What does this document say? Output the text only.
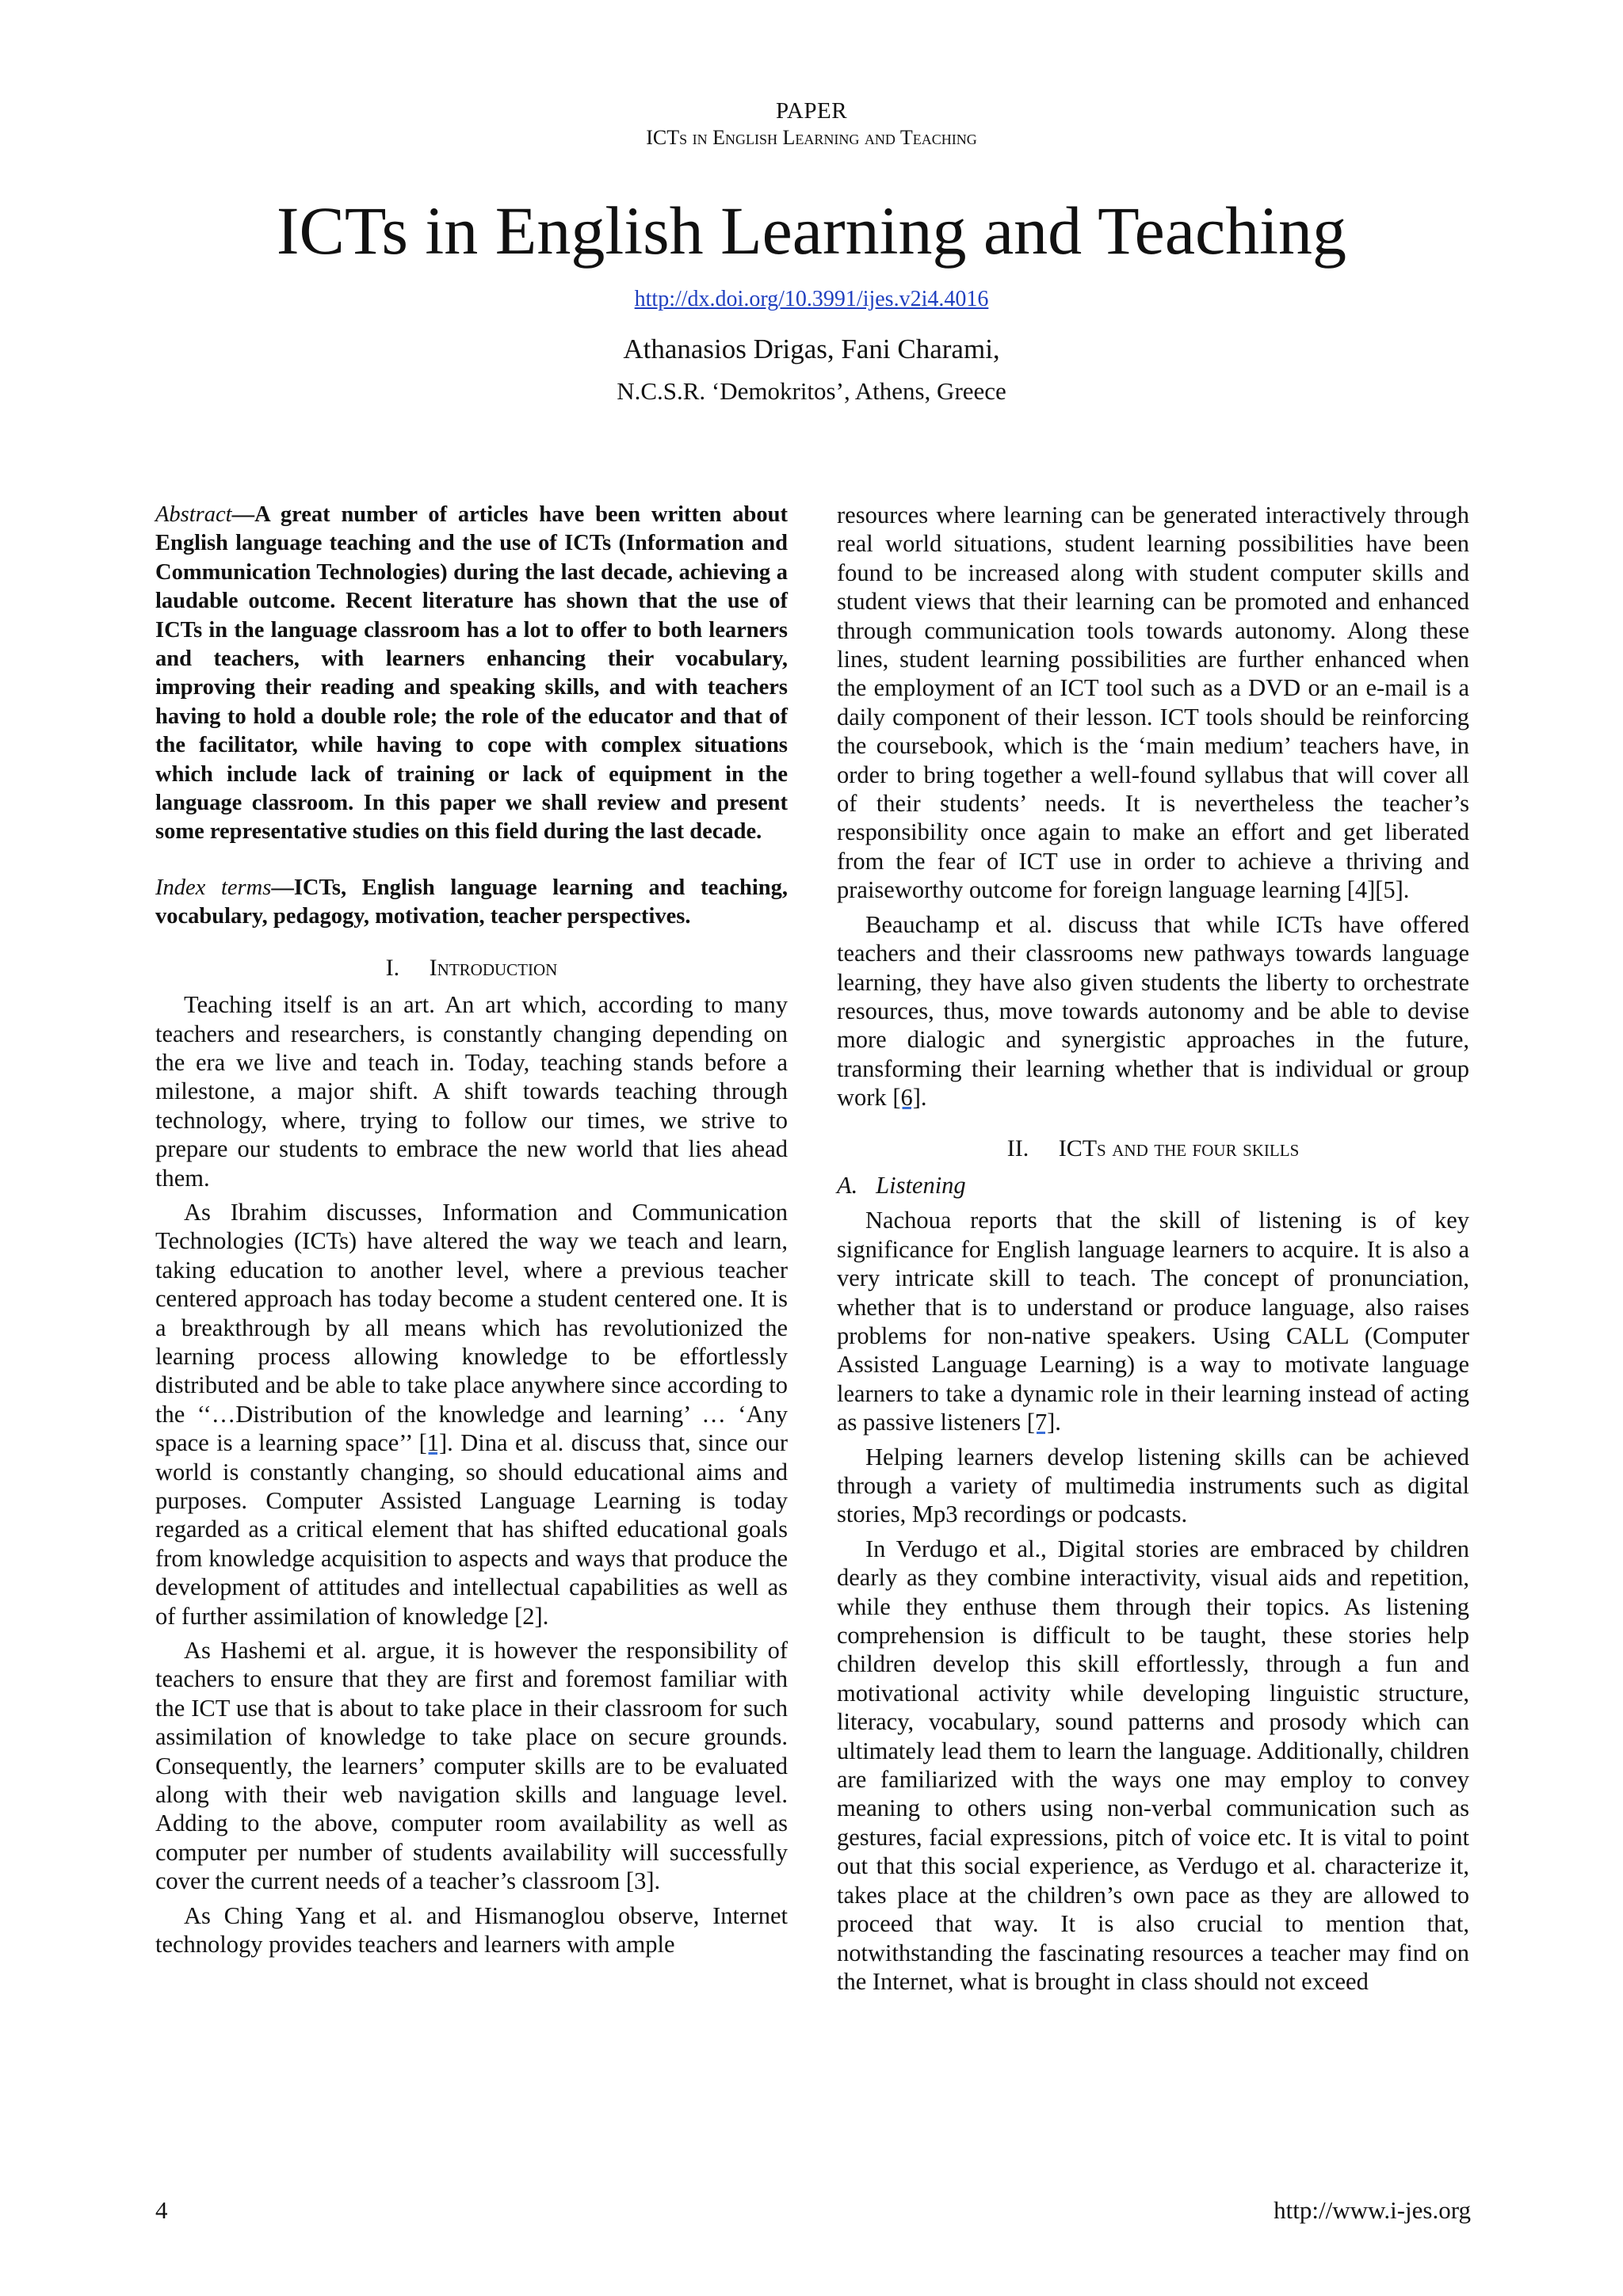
PAPER
ICTs in English Learning and Teaching
ICTs in English Learning and Teaching
http://dx.doi.org/10.3991/ijes.v2i4.4016
Athanasios Drigas, Fani Charami,
N.C.S.R. ‘Demokritos’, Athens, Greece

Abstract—A great number of articles have been written about English language teaching and the use of ICTs (Information and Communication Technologies) during the last decade, achieving a laudable outcome. Recent literature has shown that the use of ICTs in the language classroom has a lot to offer to both learners and teachers, with learners enhancing their vocabulary, improving their reading and speaking skills, and with teachers having to hold a double role; the role of the educator and that of the facilitator, while having to cope with complex situations which include lack of training or lack of equipment in the language classroom. In this paper we shall review and present some representative studies on this field during the last decade.

Index terms—ICTs, English language learning and teaching, vocabulary, pedagogy, motivation, teacher perspectives.

I. Introduction

Teaching itself is an art. An art which, according to many teachers and researchers, is constantly changing depending on the era we live and teach in. Today, teaching stands before a milestone, a major shift. A shift towards teaching through technology, where, trying to follow our times, we strive to prepare our students to embrace the new world that lies ahead them.

As Ibrahim discusses, Information and Communication Technologies (ICTs) have altered the way we teach and learn, taking education to another level, where a previous teacher centered approach has today become a student centered one. It is a breakthrough by all means which has revolutionized the learning process allowing knowledge to be effortlessly distributed and be able to take place anywhere since according to the ‘‘…Distribution of the knowledge and learning’ … ‘Any space is a learning space’’ [1]. Dina et al. discuss that, since our world is constantly changing, so should educational aims and purposes. Computer Assisted Language Learning is today regarded as a critical element that has shifted educational goals from knowledge acquisition to aspects and ways that produce the development of attitudes and intellectual capabilities as well as of further assimilation of knowledge [2].

As Hashemi et al. argue, it is however the responsibility of teachers to ensure that they are first and foremost familiar with the ICT use that is about to take place in their classroom for such assimilation of knowledge to take place on secure grounds. Consequently, the learners’ computer skills are to be evaluated along with their web navigation skills and language level. Adding to the above, computer room availability as well as computer per number of students availability will successfully cover the current needs of a teacher’s classroom [3].

As Ching Yang et al. and Hismanoglou observe, Internet technology provides teachers and learners with ample

resources where learning can be generated interactively through real world situations, student learning possibilities have been found to be increased along with student computer skills and student views that their learning can be promoted and enhanced through communication tools towards autonomy. Along these lines, student learning possibilities are further enhanced when the employment of an ICT tool such as a DVD or an e-mail is a daily component of their lesson. ICT tools should be reinforcing the coursebook, which is the ‘main medium’ teachers have, in order to bring together a well-found syllabus that will cover all of their students’ needs. It is nevertheless the teacher’s responsibility once again to make an effort and get liberated from the fear of ICT use in order to achieve a thriving and praiseworthy outcome for foreign language learning [4][5].

Beauchamp et al. discuss that while ICTs have offered teachers and their classrooms new pathways towards language learning, they have also given students the liberty to orchestrate resources, thus, move towards autonomy and be able to devise more dialogic and synergistic approaches in the future, transforming their learning whether that is individual or group work [6].

II. ICTs and the four skills
A. Listening

Nachoua reports that the skill of listening is of key significance for English language learners to acquire. It is also a very intricate skill to teach. The concept of pronunciation, whether that is to understand or produce language, also raises problems for non-native speakers. Using CALL (Computer Assisted Language Learning) is a way to motivate language learners to take a dynamic role in their learning instead of acting as passive listeners [7].

Helping learners develop listening skills can be achieved through a variety of multimedia instruments such as digital stories, Mp3 recordings or podcasts.

In Verdugo et al., Digital stories are embraced by children dearly as they combine interactivity, visual aids and repetition, while they enthuse them through their topics. As listening comprehension is difficult to be taught, these stories help children develop this skill effortlessly, through a fun and motivational activity while developing linguistic structure, literacy, vocabulary, sound patterns and prosody which can ultimately lead them to learn the language. Additionally, children are familiarized with the ways one may employ to convey meaning to others using non-verbal communication such as gestures, facial expressions, pitch of voice etc. It is vital to point out that this social experience, as Verdugo et al. characterize it, takes place at the children’s own pace as they are allowed to proceed that way. It is also crucial to mention that, notwithstanding the fascinating resources a teacher may find on the Internet, what is brought in class should not exceed

4	http://www.i-jes.org
